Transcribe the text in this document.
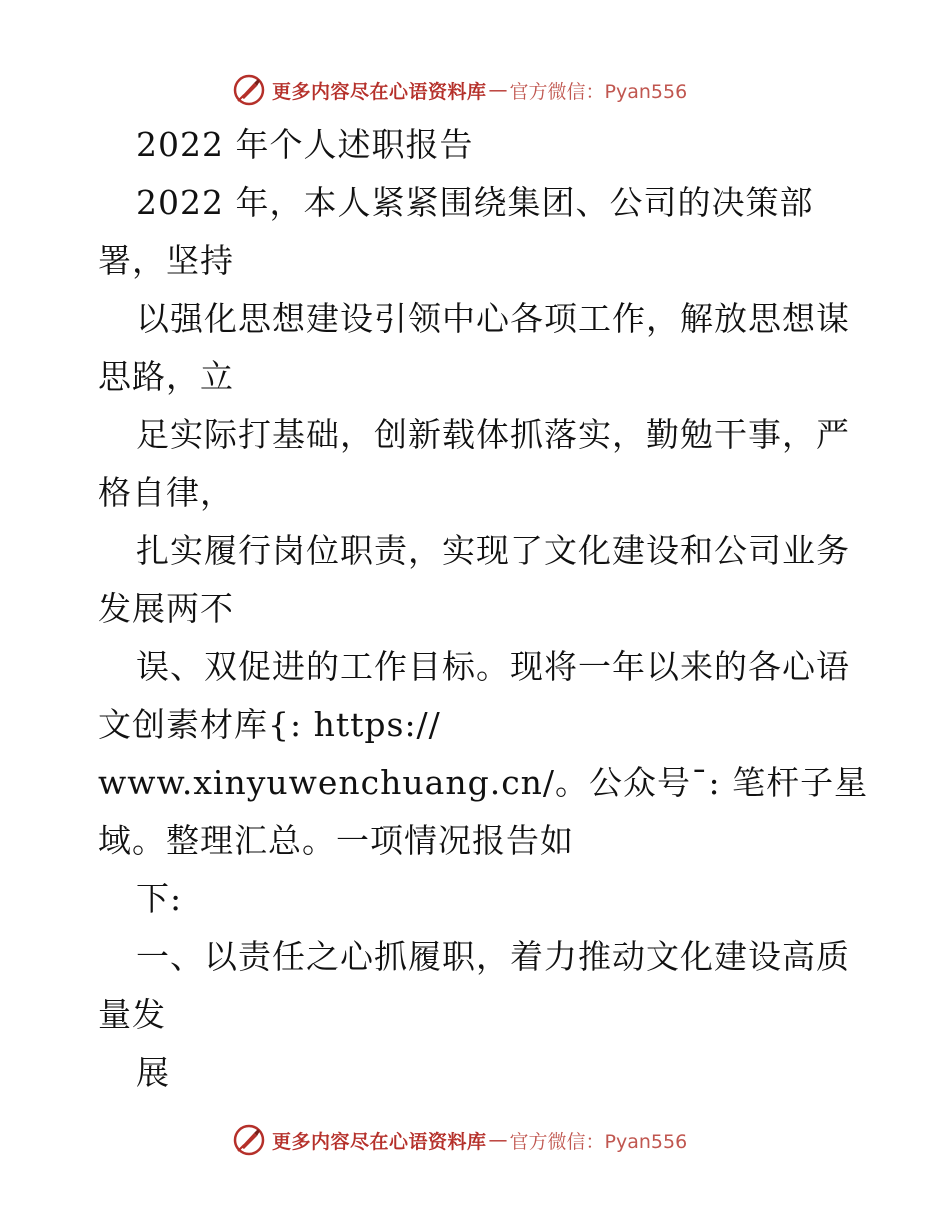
更多内容尽在心语资料库 — 官方微信：Pyan556
2022 年个人述职报告
2022 年，本人紧紧围绕集团、公司的决策部
署，坚持
以强化思想建设引领中心各项工作，解放思想谋
思路，立
足实际打基础，创新载体抓落实，勤勉干事，严
格自律，
扎实履行岗位职责，实现了文化建设和公司业务
发展两不
误、双促进的工作目标。现将一年以来的各心语
文创素材库{: https://
www.xinyuwenchuang.cn/。公众号¯: 笔杆子星
域。整理汇总。一项情况报告如
下:
一、以责任之心抓履职，着力推动文化建设高质
量发
展
更多内容尽在心语资料库 — 官方微信：Pyan556
